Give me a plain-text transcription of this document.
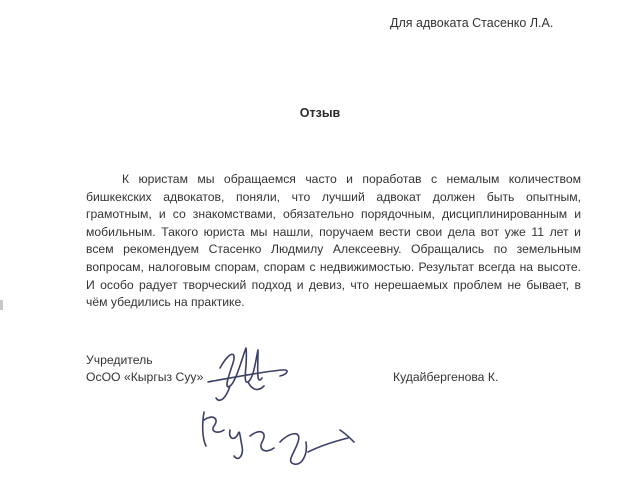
Для адвоката Стасенко Л.А.
Отзыв

К юристам мы обращаемся часто и поработав с немалым количеством бишкекских адвокатов, поняли, что лучший адвокат должен быть опытным, грамотным, и со знакомствами, обязательно порядочным, дисциплинированным и мобильным. Такого юриста мы нашли, поручаем вести свои дела вот уже 11 лет и всем рекомендуем Стасенко Людмилу Алексеевну. Обращались по земельным вопросам, налоговым спорам, спорам с недвижимостью. Результат всегда на высоте. И особо радует творческий подход и девиз, что нерешаемых проблем не бывает, в чём убедились на практике.

Учредитель
ОсОО «Кыргыз Суу»	Кудайбергенова К.
